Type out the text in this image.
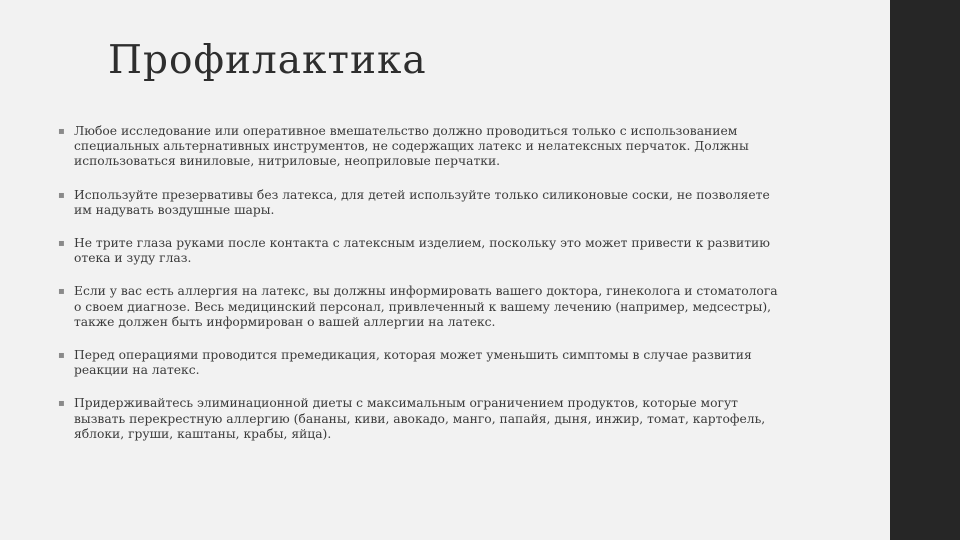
Профилактика
▪ Любое исследование или оперативное вмешательство должно проводиться только с использованием специальных альтернативных инструментов, не содержащих латекс и нелатексных перчаток. Должны использоваться виниловые, нитриловые, неоприловые перчатки.
▪ Используйте презервативы без латекса, для детей используйте только силиконовые соски, не позволяете им надувать воздушные шары.
▪ Не трите глаза руками после контакта с латексным изделием, поскольку это может привести к развитию отека и зуду глаз.
▪ Если у вас есть аллергия на латекс, вы должны информировать вашего доктора, гинеколога и стоматолога о своем диагнозе. Весь медицинский персонал, привлеченный к вашему лечению (например, медсестры), также должен быть информирован о вашей аллергии на латекс.
▪ Перед операциями проводится премедикация, которая может уменьшить симптомы в случае развития реакции на латекс.
▪ Придерживайтесь элиминационной диеты с максимальным ограничением продуктов, которые могут вызвать перекрестную аллергию (бананы, киви, авокадо, манго, папайя, дыня, инжир, томат, картофель, яблоки, груши, каштаны, крабы, яйца).
